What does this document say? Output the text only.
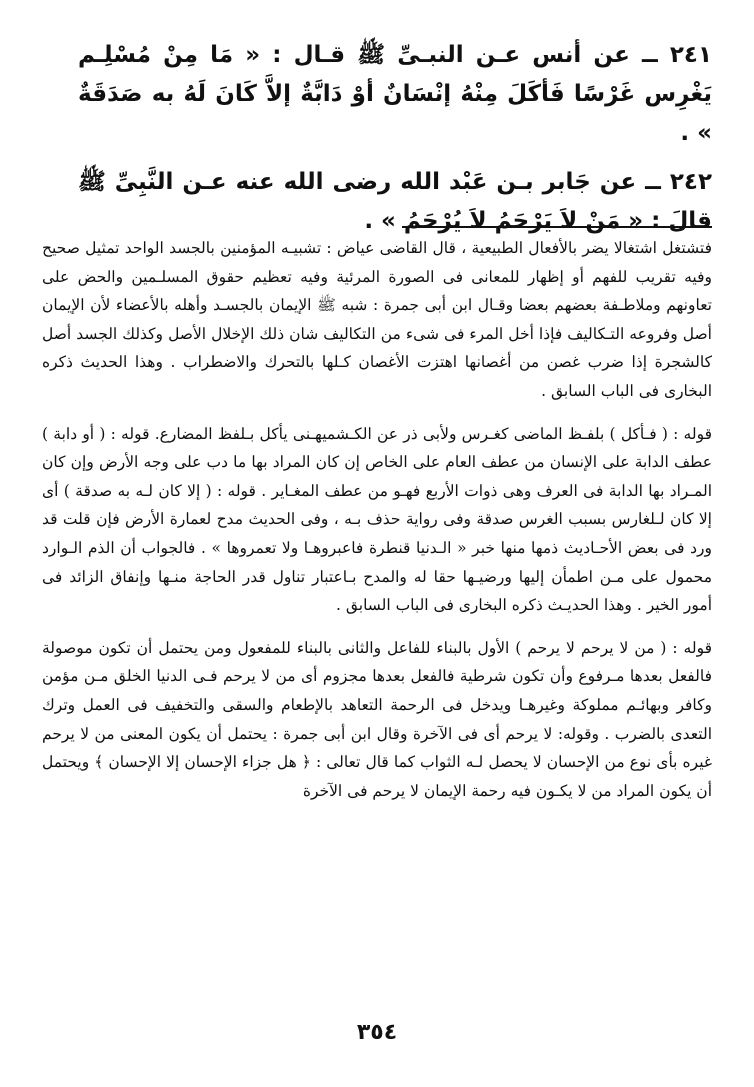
٢٤١ ــ عن أنس عـن النبـىِّ ﷺ قـال : « مَا مِنْ مُسْلِـم يَغْرِس غَرْسًا فَأكَلَ مِنْهُ إنْسَانٌ أوْ دَابَّةٌ إلاَّ كَانَ لَهُ به صَدَقَةٌ » .

٢٤٢ ــ عن جَابر بـن عَبْد الله رضى الله عنه عـن النَّبِىِّ ﷺ قالَ : « مَنْ لاَ يَرْحَمُ لاَ يُرْحَمُ » .

فتشتغل اشتغالا يضر بالأفعال الطبيعية ، قال القاضى عياض : تشبيـه المؤمنين بالجسد الواحد تمثيل صحيح وفيه تقريب للفهم أو إظهار للمعانى فى الصورة المرئية وفيه تعظيم حقوق المسلـمين والحض على تعاونهم وملاطـفة بعضهم بعضا وقـال ابن أبى جمرة : شبه ﷺ الإيمان بالجسـد وأهله بالأعضاء لأن الإيمان أصل وفروعه التـكاليف فإذا أخل المرء فى شىء من التكاليف شان ذلك الإخلال الأصل وكذلك الجسد أصل كالشجرة إذا ضرب غصن من أغصانها اهتزت الأغصان كـلها بالتحرك والاضطراب . وهذا الحديث ذكره البخارى فى الباب السابق .

قوله : ( فـأكل ) بلفـظ الماضى كغـرس ولأبى ذر عن الكـشميهـنى يأكل بـلفظ المضارع. قوله : ( أو دابة ) عطف الدابة على الإنسان من عطف العام على الخاص إن كان المراد بها ما دب على وجه الأرض وإن كان المـراد بها الدابة فى العرف وهى ذوات الأربع فهـو من عطف المغـاير . قوله : ( إلا كان لـه به صدقة ) أى إلا كان لـلغارس بسبب الغرس صدقة وفى رواية حذف بـه ، وفى الحديث مدح لعمارة الأرض فإن قلت قد ورد فى بعض الأحـاديث ذمها منها خبر « الـدنيا قنطرة فاعبروهـا ولا تعمروها » . فالجواب أن الذم الـوارد محمول على مـن اطمأن إليها ورضيـها حقا له والمدح بـاعتبار تناول قدر الحاجة منـها وإنفاق الزائد فى أمور الخير . وهذا الحديـث ذكره البخارى فى الباب السابق .

قوله : ( من لا يرحم لا يرحم ) الأول بالبناء للفاعل والثانى بالبناء للمفعول ومن يحتمل أن تكون موصولة فالفعل بعدها مـرفوع وأن تكون شرطية فالفعل بعدها مجزوم أى من لا يرحم فـى الدنيا الخلق مـن مؤمن وكافر وبهائـم مملوكة وغيرهـا ويدخل فى الرحمة التعاهد بالإطعام والسقى والتخفيف فى العمل وترك التعدى بالضرب . وقوله: لا يرحم أى فى الآخرة وقال ابن أبى جمرة : يحتمل أن يكون المعنى من لا يرحم غيره بأى نوع من الإحسان لا يحصل لـه الثواب كما قال تعالى : ﴿ هل جزاء الإحسان إلا الإحسان ﴾ ويحتمل أن يكون المراد من لا يكـون فيه رحمة الإيمان لا يرحم فى الآخرة

٣٥٤
